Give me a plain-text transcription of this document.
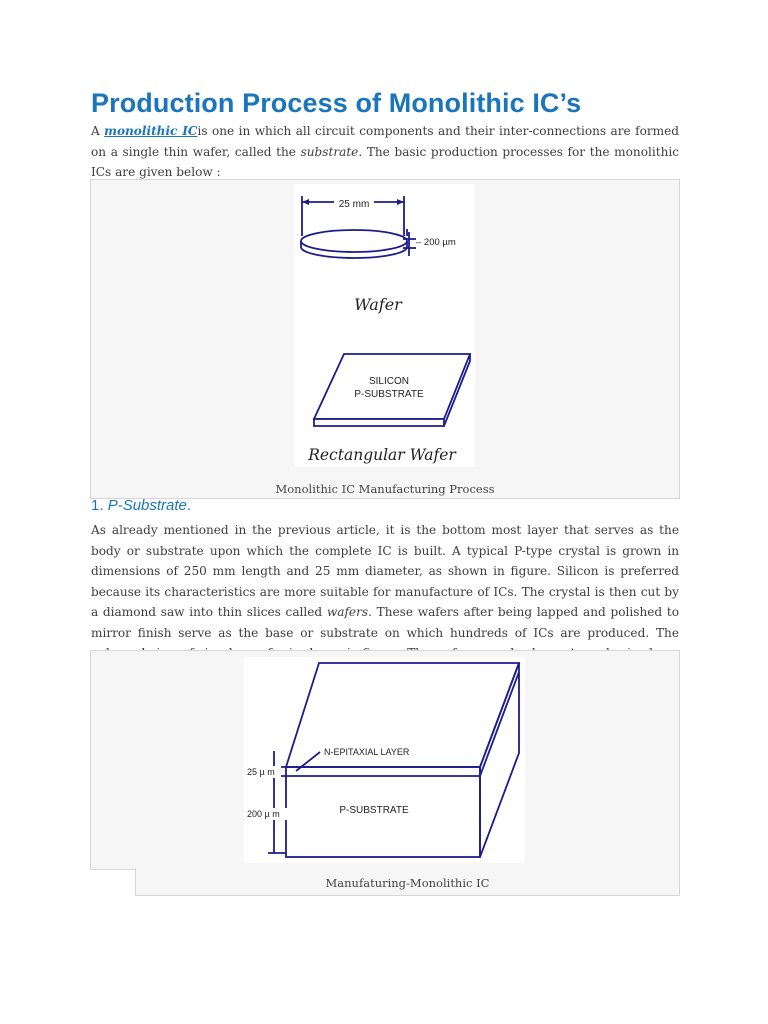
Production Process of Monolithic IC’s

A monolithic ICis one in which all circuit components and their inter-connections are formed on a single thin wafer, called the substrate. The basic production processes for the monolithic ICs are given below :

25 mm
– 200 µm
Wafer
SILICON
P-SUBSTRATE
Rectangular Wafer
Monolithic IC Manufacturing Process
1. P-Substrate.

As already mentioned in the previous article, it is the bottom most layer that serves as the body or substrate upon which the complete IC is built. A typical P-type crystal is grown in dimensions of 250 mm length and 25 mm diameter, as shown in figure. Silicon is preferred because its characteristics are more suitable for manufacture of ICs. The crystal is then cut by a diamond saw into thin slices called wafers. These wafers after being lapped and polished to mirror finish serve as the base or substrate on which hundreds of ICs are produced. The

N-EPITAXIAL LAYER
25 µ m
200 µ m	P-SUBSTRATE
Manufaturing-Monolithic IC
